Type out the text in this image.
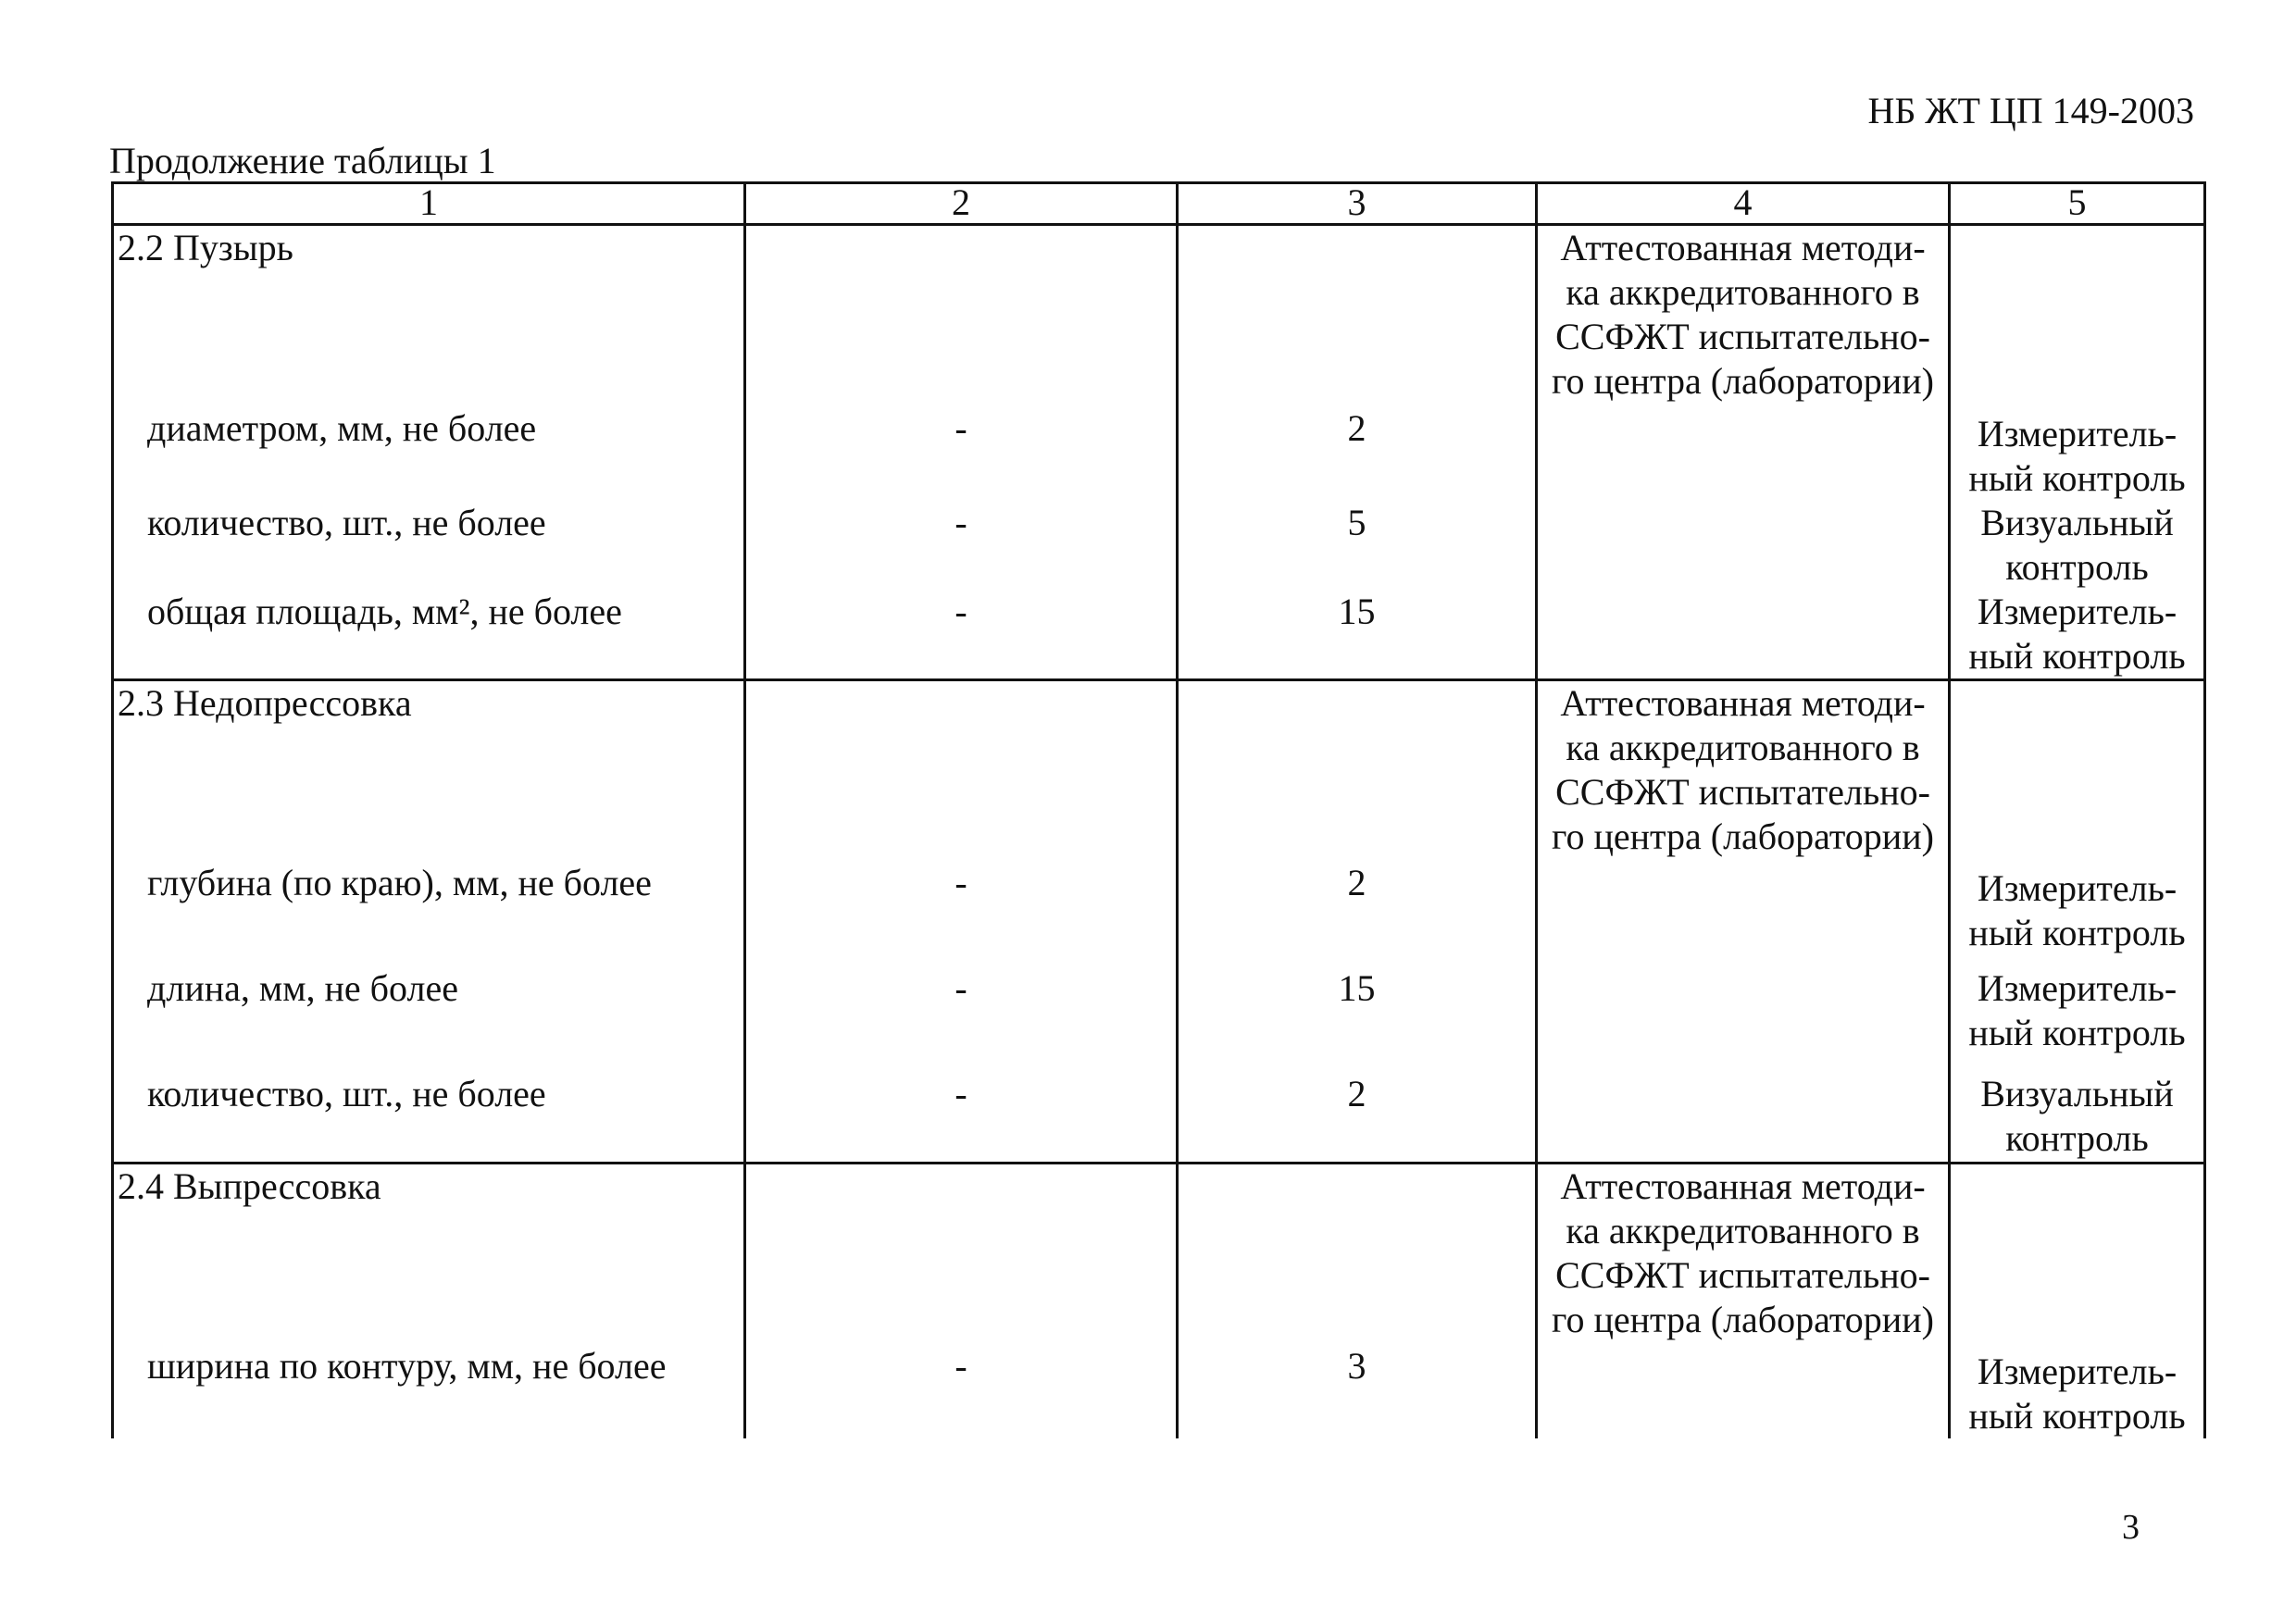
НБ ЖТ ЦП 149-2003
Продолжение таблицы 1
1	2	3	4	5
2.2 Пузырь			Аттестованная методи-
ка аккредитованного в
ССФЖТ испытательно-
го центра (лаборатории)	

диаметром, мм, не более	-	2		Измеритель-
ный контроль

количество, шт., не более	-	5		Визуальный
контроль

общая площадь, мм², не более	-	15		Измеритель-
ный контроль

2.3 Недопрессовка			Аттестованная методи-
ка аккредитованного в
ССФЖТ испытательно-
го центра (лаборатории)	

глубина (по краю), мм, не более	-	2		Измеритель-
ный контроль

длина, мм, не более	-	15		Измеритель-
ный контроль

количество, шт., не более	-	2		Визуальный
контроль

2.4 Выпрессовка			Аттестованная методи-
ка аккредитованного в
ССФЖТ испытательно-
го центра (лаборатории)	

ширина по контуру, мм, не более	-	3		Измеритель-
ный контроль
3
